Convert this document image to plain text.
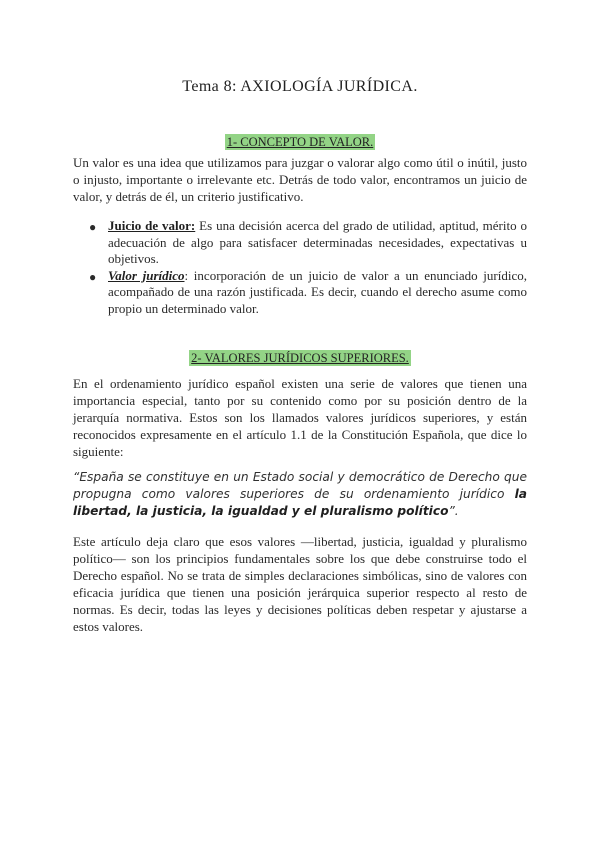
Tema 8: AXIOLOGÍA JURÍDICA.
1- CONCEPTO DE VALOR.
Un valor es una idea que utilizamos para juzgar o valorar algo como útil o inútil, justo o injusto, importante o irrelevante etc. Detrás de todo valor, encontramos un juicio de valor, y detrás de él, un criterio justificativo.
● Juicio de valor: Es una decisión acerca del grado de utilidad, aptitud, mérito o adecuación de algo para satisfacer determinadas necesidades, expectativas u objetivos.
● Valor jurídico: incorporación de un juicio de valor a un enunciado jurídico, acompañado de una razón justificada. Es decir, cuando el derecho asume como propio un determinado valor.
2- VALORES JURÍDICOS SUPERIORES.
En el ordenamiento jurídico español existen una serie de valores que tienen una importancia especial, tanto por su contenido como por su posición dentro de la jerarquía normativa. Estos son los llamados valores jurídicos superiores, y están reconocidos expresamente en el artículo 1.1 de la Constitución Española, que dice lo siguiente:
“España se constituye en un Estado social y democrático de Derecho que propugna como valores superiores de su ordenamiento jurídico la libertad, la justicia, la igualdad y el pluralismo político”.
Este artículo deja claro que esos valores —libertad, justicia, igualdad y pluralismo político— son los principios fundamentales sobre los que debe construirse todo el Derecho español. No se trata de simples declaraciones simbólicas, sino de valores con eficacia jurídica que tienen una posición jerárquica superior respecto al resto de normas. Es decir, todas las leyes y decisiones políticas deben respetar y ajustarse a estos valores.
